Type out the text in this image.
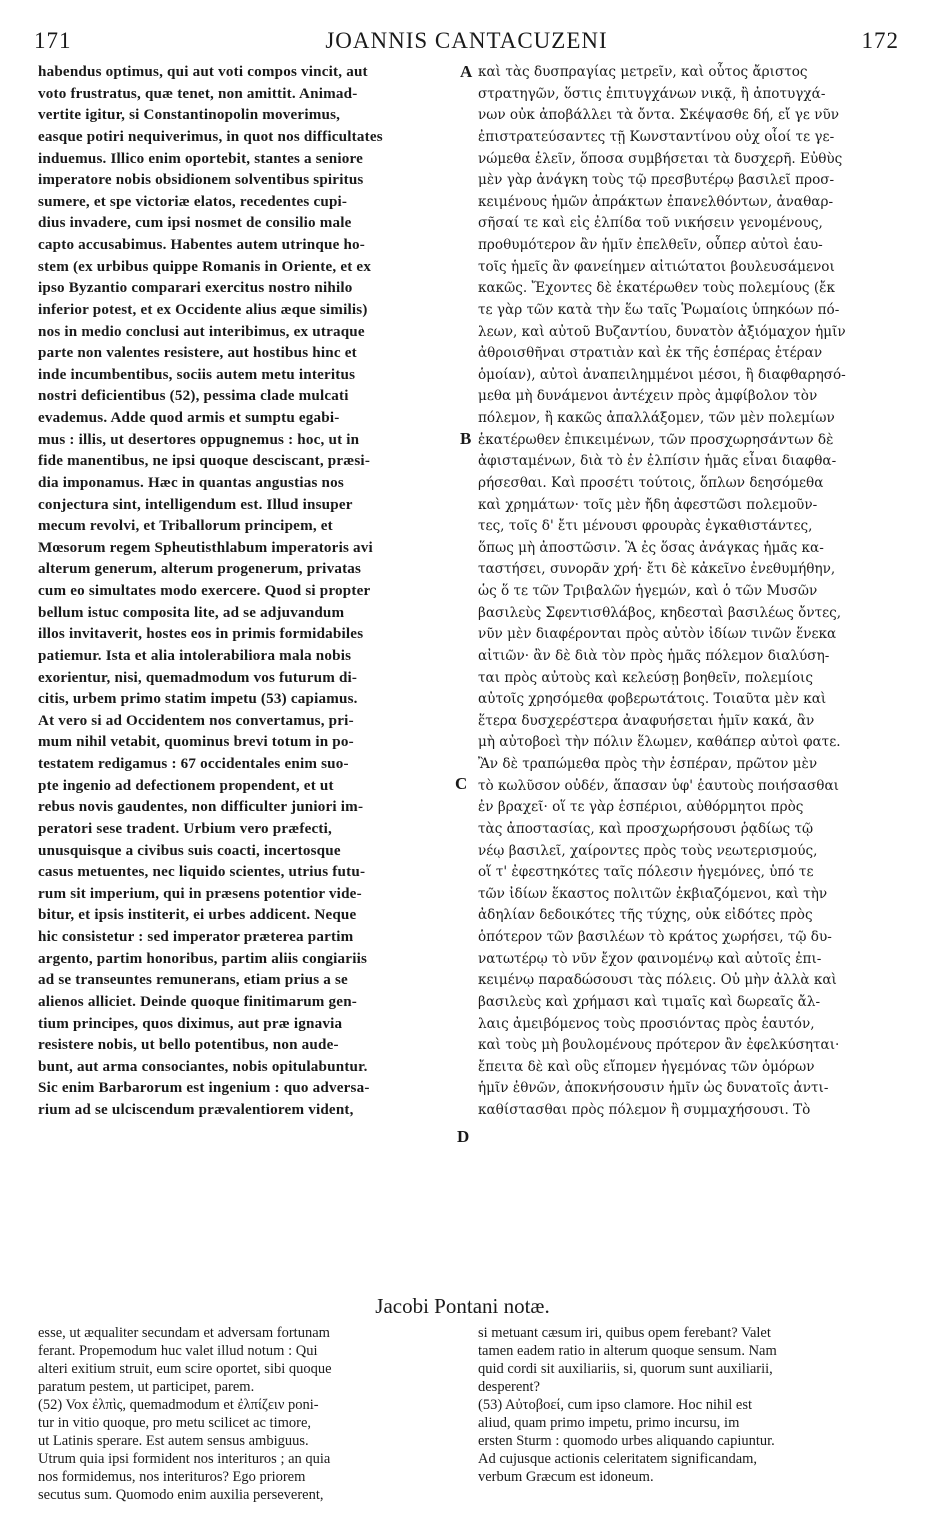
171	JOANNIS CANTACUZENI	172
habendus optimus, qui aut voti compos vincit, aut
voto frustratus, quæ tenet, non amittit. Animad-
vertite igitur, si Constantinopolin moverimus,
easque potiri nequiverimus, in quot nos difficultates
induemus. Illico enim oportebit, stantes a seniore
imperatore nobis obsidionem solventibus spiritus
sumere, et spe victoriæ elatos, recedentes cupi-
dius invadere, cum ipsi nosmet de consilio male
capto accusabimus. Habentes autem utrinque ho-
stem (ex urbibus quippe Romanis in Oriente, et ex
ipso Byzantio comparari exercitus nostro nihilo
inferior potest, et ex Occidente alius æque similis)
nos in medio conclusi aut interibimus, ex utraque
parte non valentes resistere, aut hostibus hinc et
inde incumbentibus, sociis autem metu interitus
nostri deficientibus (52), pessima clade mulcati
evademus. Adde quod armis et sumptu egabi-
mus : illis, ut desertores oppugnemus : hoc, ut in
fide manentibus, ne ipsi quoque desciscant, præsi-
dia imponamus. Hæc in quantas angustias nos
conjectura sint, intelligendum est. Illud insuper
mecum revolvi, et Triballorum principem, et
Mœsorum regem Spheutisthlabum imperatoris avi
alterum generum, alterum progenerum, privatas
cum eo simultates modo exercere. Quod si propter
bellum istuc composita lite, ad se adjuvandum
illos invitaverit, hostes eos in primis formidabiles
patiemur. Ista et alia intolerabiliora mala nobis
exorientur, nisi, quemadmodum vos futurum di-
citis, urbem primo statim impetu (53) capiamus.
At vero si ad Occidentem nos convertamus, pri-
mum nihil vetabit, quominus brevi totum in po-
testatem redigamus : 67 occidentales enim suo-
pte ingenio ad defectionem propendent, et ut
rebus novis gaudentes, non difficulter juniori im-
peratori sese tradent. Urbium vero præfecti,
unusquisque a civibus suis coacti, incertosque
casus metuentes, nec liquido scientes, utrius futu-
rum sit imperium, qui in præsens potentior vide-
bitur, et ipsis institerit, ei urbes addicent. Neque
hic consistetur : sed imperator præterea partim
argento, partim honoribus, partim aliis congiariis
ad se transeuntes remunerans, etiam prius a se
alienos alliciet. Deinde quoque finitimarum gen-
tium principes, quos diximus, aut præ ignavia
resistere nobis, ut bello potentibus, non aude-
bunt, aut arma consociantes, nobis opitulabuntur.
Sic enim Barbarorum est ingenium : quo adversa-
rium ad se ulciscendum prævalentiorem vident,
καὶ τὰς δυσπραγίας μετρεῖν, καὶ οὗτος ἄριστος
στρατηγῶν, ὅστις ἐπιτυγχάνων νικᾷ, ἢ ἀποτυγχά-
νων οὐκ ἀποβάλλει τὰ ὄντα. Σκέψασθε δή, εἴ γε νῦν
ἐπιστρατεύσαντες τῇ Κωνσταντίνου οὐχ οἷοί τε γε-
νώμεθα ἑλεῖν, ὅποσα συμβήσεται τὰ δυσχερῆ. Εὐθὺς
μὲν γὰρ ἀνάγκη τοὺς τῷ πρεσβυτέρῳ βασιλεῖ προσ-
κειμένους ἡμῶν ἀπράκτων ἐπανελθόντων, ἀναθαρ-
σῆσαί τε καὶ εἰς ἐλπίδα τοῦ νικήσειν γενομένους,
προθυμότερον ἂν ἡμῖν ἐπελθεῖν, οὗπερ αὐτοὶ ἑαυ-
τοῖς ἡμεῖς ἂν φανείημεν αἰτιώτατοι βουλευσάμενοι
κακῶς. Ἔχοντες δὲ ἑκατέρωθεν τοὺς πολεμίους (ἔκ
τε γὰρ τῶν κατὰ τὴν ἕω ταῖς Ῥωμαίοις ὑπηκόων πό-
λεων, καὶ αὐτοῦ Βυζαντίου, δυνατὸν ἀξιόμαχον ἡμῖν
ἀθροισθῆναι στρατιὰν καὶ ἐκ τῆς ἑσπέρας ἑτέραν
ὁμοίαν), αὐτοὶ ἀναπειλημμένοι μέσοι, ἢ διαφθαρησό-
μεθα μὴ δυνάμενοι ἀντέχειν πρὸς ἀμφίβολον τὸν
πόλεμον, ἢ κακῶς ἀπαλλάξομεν, τῶν μὲν πολεμίων
ἑκατέρωθεν ἐπικειμένων, τῶν προσχωρησάντων δὲ
ἀφισταμένων, διὰ τὸ ἐν ἐλπίσιν ἡμᾶς εἶναι διαφθα-
ρήσεσθαι. Καὶ προσέτι τούτοις, ὅπλων δεησόμεθα
καὶ χρημάτων· τοῖς μὲν ἤδη ἀφεστῶσι πολεμοῦν-
τες, τοῖς δ' ἔτι μένουσι φρουρὰς ἐγκαθιστάντες,
ὅπως μὴ ἀποστῶσιν. Ἃ ἐς ὅσας ἀνάγκας ἡμᾶς κα-
ταστήσει, συνορᾶν χρή· ἔτι δὲ κἀκεῖνο ἐνεθυμήθην,
ὡς ὅ τε τῶν Τριβαλῶν ἡγεμών, καὶ ὁ τῶν Μυσῶν
βασιλεὺς Σφεντισθλάβος, κηδεσταὶ βασιλέως ὄντες,
νῦν μὲν διαφέρονται πρὸς αὐτὸν ἰδίων τινῶν ἕνεκα
αἰτιῶν· ἂν δὲ διὰ τὸν πρὸς ἡμᾶς πόλεμον διαλύση-
ται πρὸς αὐτοὺς καὶ κελεύσῃ βοηθεῖν, πολεμίοις
αὐτοῖς χρησόμεθα φοβερωτάτοις. Τοιαῦτα μὲν καὶ
ἕτερα δυσχερέστερα ἀναφυήσεται ἡμῖν κακά, ἂν
μὴ αὐτοβοεὶ τὴν πόλιν ἕλωμεν, καθάπερ αὐτοὶ φατε.
Ἂν δὲ τραπώμεθα πρὸς τὴν ἑσπέραν, πρῶτον μὲν
τὸ κωλῦσον οὐδέν, ἅπασαν ὑφ' ἑαυτοὺς ποιήσασθαι
ἐν βραχεῖ· οἵ τε γὰρ ἑσπέριοι, αὐθόρμητοι πρὸς
τὰς ἀποστασίας, καὶ προσχωρήσουσι ῥᾳδίως τῷ
νέῳ βασιλεῖ, χαίροντες πρὸς τοὺς νεωτερισμούς,
οἵ τ' ἐφεστηκότες ταῖς πόλεσιν ἡγεμόνες, ὑπό τε
τῶν ἰδίων ἕκαστος πολιτῶν ἐκβιαζόμενοι, καὶ τὴν
ἀδηλίαν δεδοικότες τῆς τύχης, οὐκ εἰδότες πρὸς
ὁπότερον τῶν βασιλέων τὸ κράτος χωρήσει, τῷ δυ-
νατωτέρῳ τὸ νῦν ἔχον φαινομένῳ καὶ αὐτοῖς ἐπι-
κειμένῳ παραδώσουσι τὰς πόλεις. Οὐ μὴν ἀλλὰ καὶ
βασιλεὺς καὶ χρήμασι καὶ τιμαῖς καὶ δωρεαῖς ἄλ-
λαις ἀμειβόμενος τοὺς προσιόντας πρὸς ἑαυτόν,
καὶ τοὺς μὴ βουλομένους πρότερον ἂν ἐφελκύσηται·
ἔπειτα δὲ καὶ οὓς εἴπομεν ἡγεμόνας τῶν ὁμόρων
ἡμῖν ἐθνῶν, ἀποκνήσουσιν ἡμῖν ὡς δυνατοῖς ἀντι-
καθίστασθαι πρὸς πόλεμον ἢ συμμαχήσουσι. Τὸ
A
B
C
D
Jacobi Pontani notæ.
esse, ut æqualiter secundam et adversam fortunam
ferant. Propemodum huc valet illud notum : Qui
alteri exitium struit, eum scire oportet, sibi quoque
paratum pestem, ut participet, parem.
(52) Vox ἐλπὶς, quemadmodum et ἐλπίζειν poni-
tur in vitio quoque, pro metu scilicet ac timore,
ut Latinis sperare. Est autem sensus ambiguus.
Utrum quia ipsi formident nos interituros ; an quia
nos formidemus, nos interituros? Ego priorem
secutus sum. Quomodo enim auxilia perseverent,
si metuant cæsum iri, quibus opem ferebant? Valet
tamen eadem ratio in alterum quoque sensum. Nam
quid cordi sit auxiliariis, si, quorum sunt auxiliarii,
desperent?
(53) Αὐτοβοεί, cum ipso clamore. Hoc nihil est
aliud, quam primo impetu, primo incursu, im
ersten Sturm : quomodo urbes aliquando capiuntur.
Ad cujusque actionis celeritatem significandam,
verbum Græcum est idoneum.
